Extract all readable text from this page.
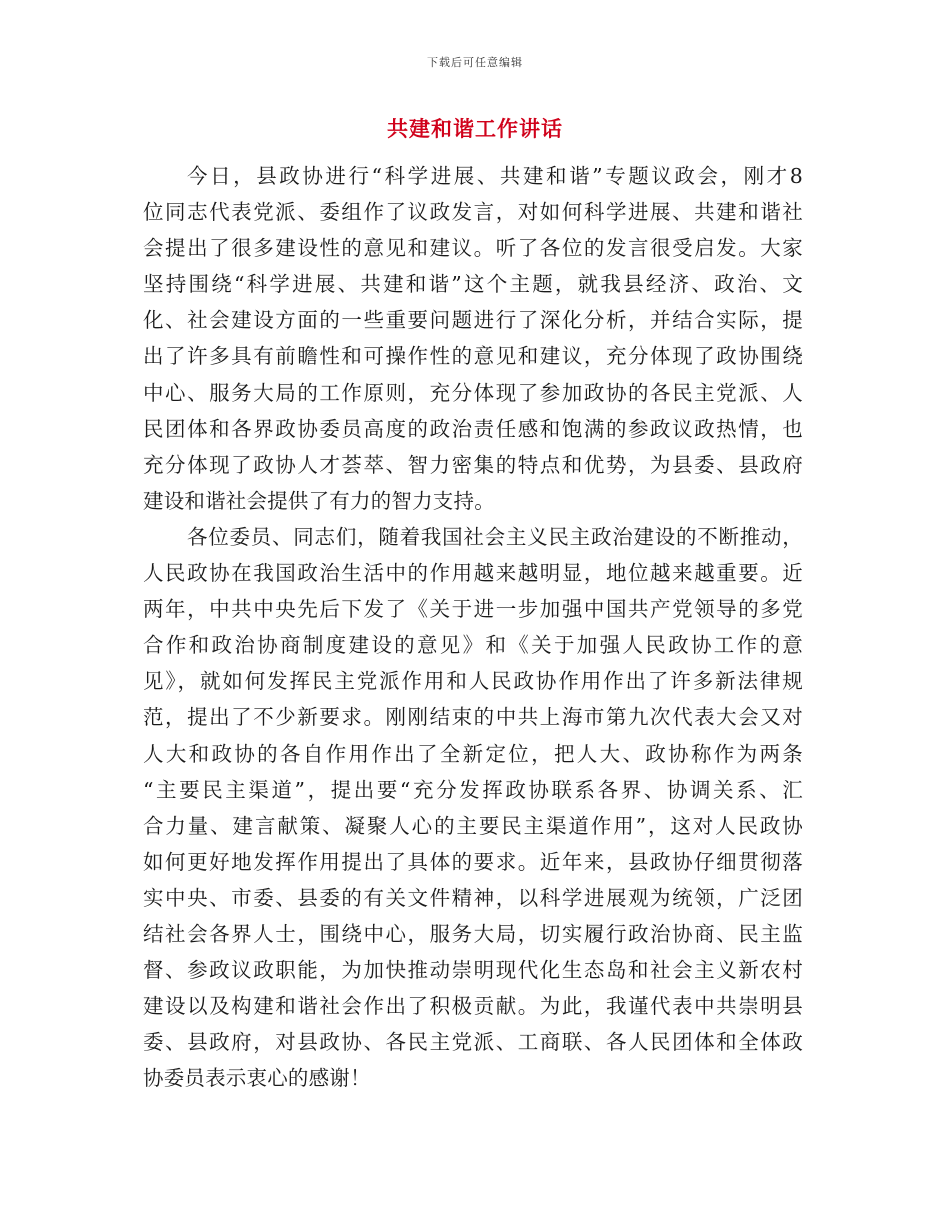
下载后可任意编辑
共建和谐工作讲话
今日，县政协进行“科学进展、共建和谐”专题议政会，刚才8
位同志代表党派、委组作了议政发言，对如何科学进展、共建和谐社
会提出了很多建设性的意见和建议。听了各位的发言很受启发。大家
坚持围绕“科学进展、共建和谐”这个主题，就我县经济、政治、文
化、社会建设方面的一些重要问题进行了深化分析，并结合实际，提
出了许多具有前瞻性和可操作性的意见和建议，充分体现了政协围绕
中心、服务大局的工作原则，充分体现了参加政协的各民主党派、人
民团体和各界政协委员高度的政治责任感和饱满的参政议政热情，也
充分体现了政协人才荟萃、智力密集的特点和优势，为县委、县政府
建设和谐社会提供了有力的智力支持。
各位委员、同志们，随着我国社会主义民主政治建设的不断推动，
人民政协在我国政治生活中的作用越来越明显，地位越来越重要。近
两年，中共中央先后下发了《关于进一步加强中国共产党领导的多党
合作和政治协商制度建设的意见》和《关于加强人民政协工作的意
见》，就如何发挥民主党派作用和人民政协作用作出了许多新法律规
范，提出了不少新要求。刚刚结束的中共上海市第九次代表大会又对
人大和政协的各自作用作出了全新定位，把人大、政协称作为两条
“主要民主渠道”，提出要“充分发挥政协联系各界、协调关系、汇
合力量、建言献策、凝聚人心的主要民主渠道作用”，这对人民政协
如何更好地发挥作用提出了具体的要求。近年来，县政协仔细贯彻落
实中央、市委、县委的有关文件精神，以科学进展观为统领，广泛团
结社会各界人士，围绕中心，服务大局，切实履行政治协商、民主监
督、参政议政职能，为加快推动崇明现代化生态岛和社会主义新农村
建设以及构建和谐社会作出了积极贡献。为此，我谨代表中共崇明县
委、县政府，对县政协、各民主党派、工商联、各人民团体和全体政
协委员表示衷心的感谢！
